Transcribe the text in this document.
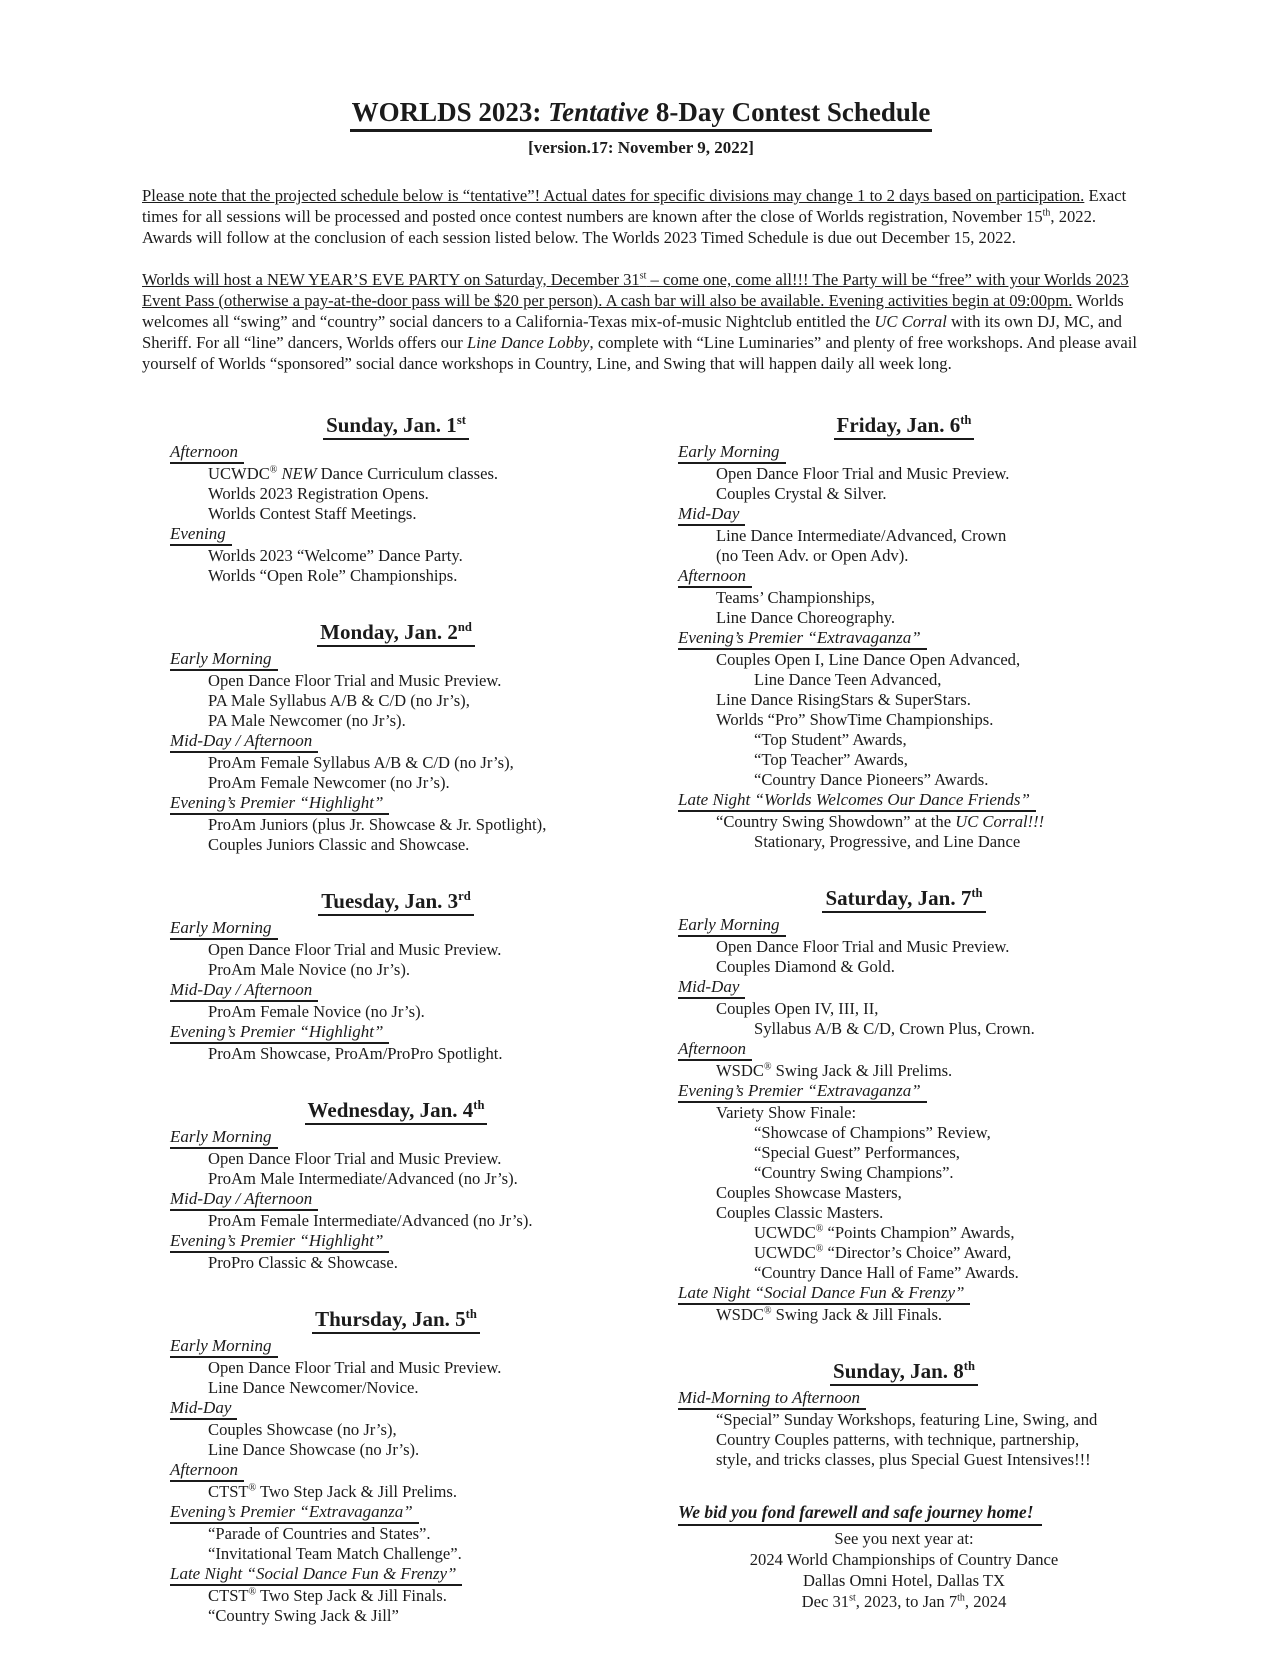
WORLDS 2023: Tentative 8-Day Contest Schedule
[version.17: November 9, 2022]

Please note that the projected schedule below is “tentative”! Actual dates for specific divisions may change 1 to 2 days based on participation. Exact times for all sessions will be processed and posted once contest numbers are known after the close of Worlds registration, November 15th, 2022. Awards will follow at the conclusion of each session listed below. The Worlds 2023 Timed Schedule is due out December 15, 2022.

Worlds will host a NEW YEAR’S EVE PARTY on Saturday, December 31st – come one, come all!!! The Party will be “free” with your Worlds 2023 Event Pass (otherwise a pay-at-the-door pass will be $20 per person). A cash bar will also be available. Evening activities begin at 09:00pm. Worlds welcomes all “swing” and “country” social dancers to a California-Texas mix-of-music Nightclub entitled the UC Corral with its own DJ, MC, and Sheriff. For all “line” dancers, Worlds offers our Line Dance Lobby, complete with “Line Luminaries” and plenty of free workshops. And please avail yourself of Worlds “sponsored” social dance workshops in Country, Line, and Swing that will happen daily all week long.

Sunday, Jan. 1st
Afternoon
UCWDC® NEW Dance Curriculum classes.
Worlds 2023 Registration Opens.
Worlds Contest Staff Meetings.
Evening
Worlds 2023 “Welcome” Dance Party.
Worlds “Open Role” Championships.
Monday, Jan. 2nd
Early Morning
Open Dance Floor Trial and Music Preview.
PA Male Syllabus A/B & C/D (no Jr’s),
PA Male Newcomer (no Jr’s).
Mid-Day / Afternoon
ProAm Female Syllabus A/B & C/D (no Jr’s),
ProAm Female Newcomer (no Jr’s).
Evening’s Premier “Highlight”
ProAm Juniors (plus Jr. Showcase & Jr. Spotlight),
Couples Juniors Classic and Showcase.
Tuesday, Jan. 3rd
Early Morning
Open Dance Floor Trial and Music Preview.
ProAm Male Novice (no Jr’s).
Mid-Day / Afternoon
ProAm Female Novice (no Jr’s).
Evening’s Premier “Highlight”
ProAm Showcase, ProAm/ProPro Spotlight.
Wednesday, Jan. 4th
Early Morning
Open Dance Floor Trial and Music Preview.
ProAm Male Intermediate/Advanced (no Jr’s).
Mid-Day / Afternoon
ProAm Female Intermediate/Advanced (no Jr’s).
Evening’s Premier “Highlight”
ProPro Classic & Showcase.
Thursday, Jan. 5th
Early Morning
Open Dance Floor Trial and Music Preview.
Line Dance Newcomer/Novice.
Mid-Day
Couples Showcase (no Jr’s),
Line Dance Showcase (no Jr’s).
Afternoon
CTST® Two Step Jack & Jill Prelims.
Evening’s Premier “Extravaganza”
“Parade of Countries and States”.
“Invitational Team Match Challenge”.
Late Night “Social Dance Fun & Frenzy”
CTST® Two Step Jack & Jill Finals.
“Country Swing Jack & Jill”
Friday, Jan. 6th
Early Morning
Open Dance Floor Trial and Music Preview.
Couples Crystal & Silver.
Mid-Day
Line Dance Intermediate/Advanced, Crown
(no Teen Adv. or Open Adv).
Afternoon
Teams’ Championships,
Line Dance Choreography.
Evening’s Premier “Extravaganza”
Couples Open I, Line Dance Open Advanced,
Line Dance Teen Advanced,
Line Dance RisingStars & SuperStars.
Worlds “Pro” ShowTime Championships.
“Top Student” Awards,
“Top Teacher” Awards,
“Country Dance Pioneers” Awards.
Late Night “Worlds Welcomes Our Dance Friends”
“Country Swing Showdown” at the UC Corral!!!
Stationary, Progressive, and Line Dance
Saturday, Jan. 7th
Early Morning
Open Dance Floor Trial and Music Preview.
Couples Diamond & Gold.
Mid-Day
Couples Open IV, III, II,
Syllabus A/B & C/D, Crown Plus, Crown.
Afternoon
WSDC® Swing Jack & Jill Prelims.
Evening’s Premier “Extravaganza”
Variety Show Finale:
“Showcase of Champions” Review,
“Special Guest” Performances,
“Country Swing Champions”.
Couples Showcase Masters,
Couples Classic Masters.
UCWDC® “Points Champion” Awards,
UCWDC® “Director’s Choice” Award,
“Country Dance Hall of Fame” Awards.
Late Night “Social Dance Fun & Frenzy”
WSDC® Swing Jack & Jill Finals.
Sunday, Jan. 8th
Mid-Morning to Afternoon
“Special” Sunday Workshops, featuring Line, Swing, and
Country Couples patterns, with technique, partnership,
style, and tricks classes, plus Special Guest Intensives!!!
We bid you fond farewell and safe journey home!
See you next year at:
2024 World Championships of Country Dance
Dallas Omni Hotel, Dallas TX
Dec 31st, 2023, to Jan 7th, 2024
